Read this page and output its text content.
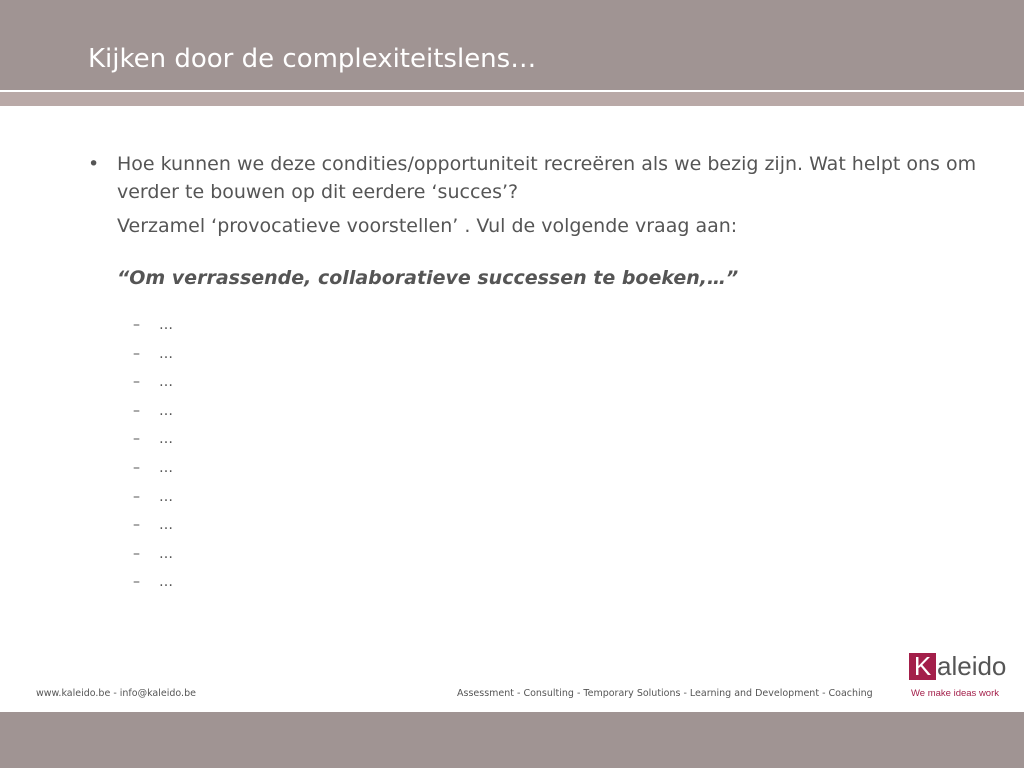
Kijken door de complexiteitslens…
• Hoe kunnen we deze condities/opportuniteit recreëren als we bezig zijn. Wat helpt ons om verder te bouwen op dit eerdere ‘succes’?

Verzamel ‘provocatieve voorstellen’ . Vul de volgende vraag aan:

“Om verrassende, collaboratieve successen te boeken,…”

– …
– …
– …
– …
– …
– …
– …
– …
– …
– …
www.kaleido.be - info@kaleido.be	Assessment - Consulting - Temporary Solutions - Learning and Development - Coaching
K aleido
We make ideas work
